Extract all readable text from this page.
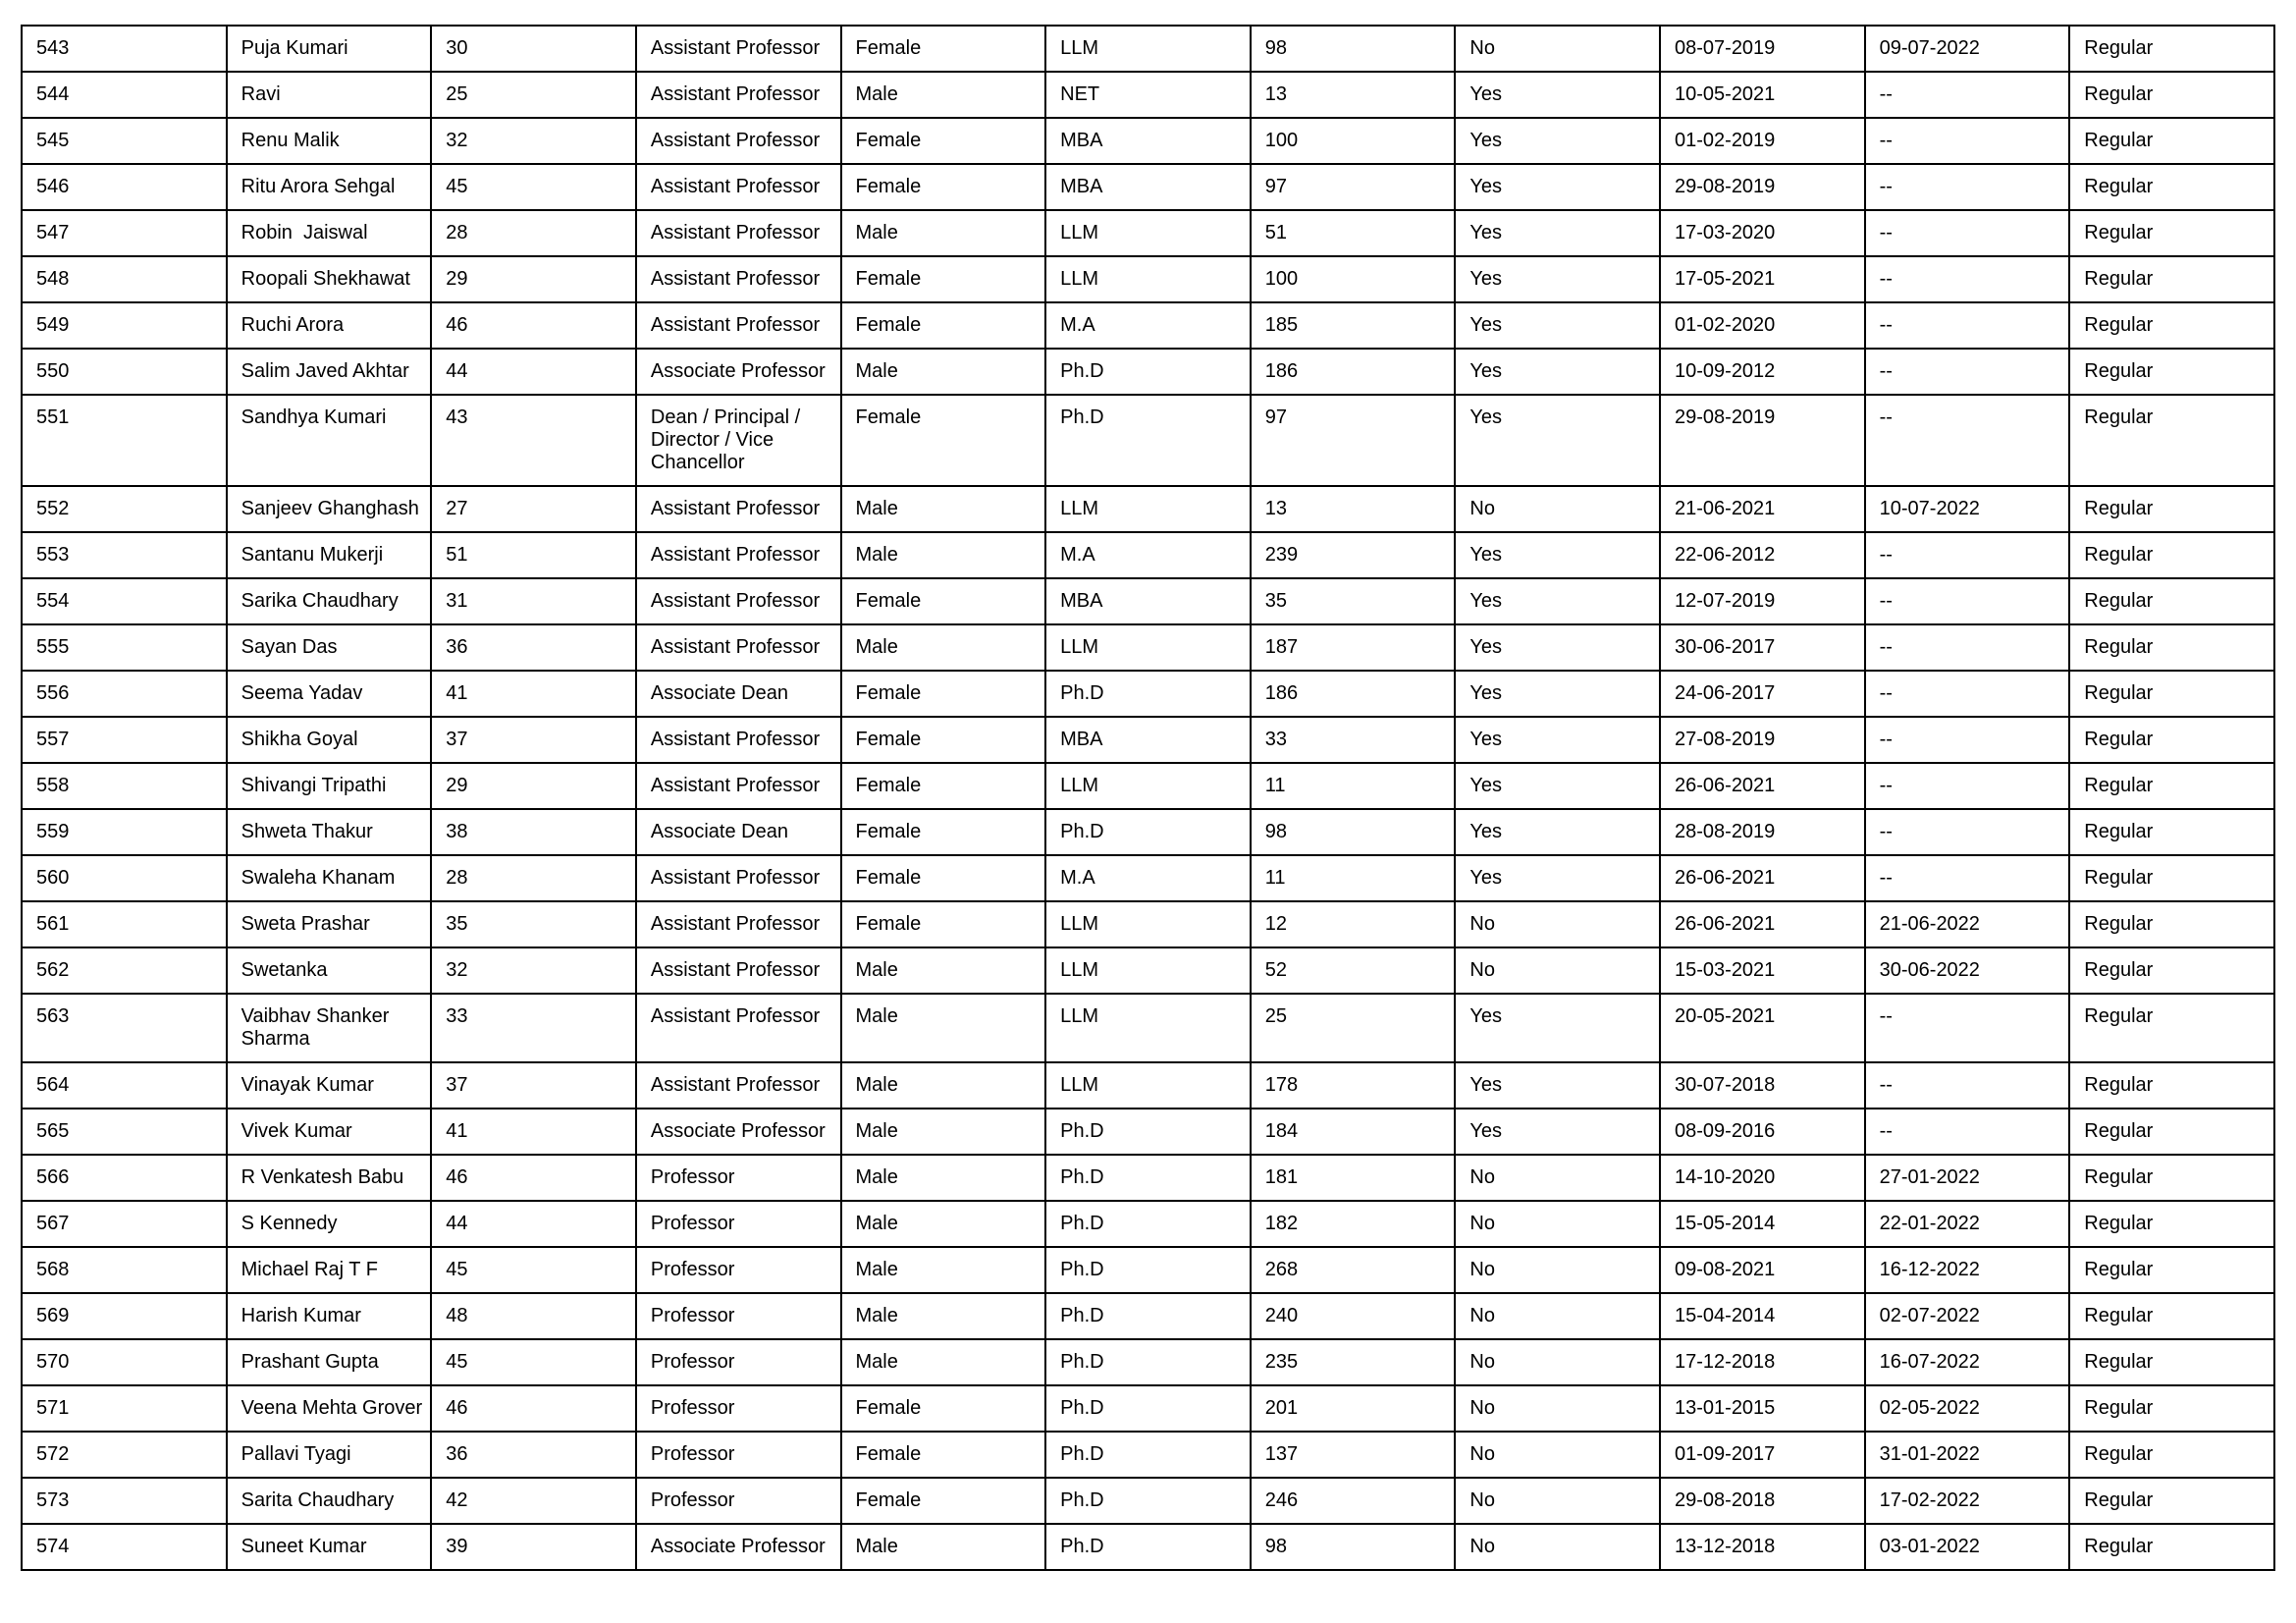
543	Puja Kumari	30	Assistant Professor	Female	LLM	98	No	08-07-2019	09-07-2022	Regular
544	Ravi	25	Assistant Professor	Male	NET	13	Yes	10-05-2021	--	Regular
545	Renu Malik	32	Assistant Professor	Female	MBA	100	Yes	01-02-2019	--	Regular
546	Ritu Arora Sehgal	45	Assistant Professor	Female	MBA	97	Yes	29-08-2019	--	Regular
547	Robin  Jaiswal	28	Assistant Professor	Male	LLM	51	Yes	17-03-2020	--	Regular
548	Roopali Shekhawat	29	Assistant Professor	Female	LLM	100	Yes	17-05-2021	--	Regular
549	Ruchi Arora	46	Assistant Professor	Female	M.A	185	Yes	01-02-2020	--	Regular
550	Salim Javed Akhtar	44	Associate Professor	Male	Ph.D	186	Yes	10-09-2012	--	Regular
551	Sandhya Kumari	43	Dean / Principal / Director / Vice Chancellor	Female	Ph.D	97	Yes	29-08-2019	--	Regular
552	Sanjeev Ghanghash	27	Assistant Professor	Male	LLM	13	No	21-06-2021	10-07-2022	Regular
553	Santanu Mukerji	51	Assistant Professor	Male	M.A	239	Yes	22-06-2012	--	Regular
554	Sarika Chaudhary	31	Assistant Professor	Female	MBA	35	Yes	12-07-2019	--	Regular
555	Sayan Das	36	Assistant Professor	Male	LLM	187	Yes	30-06-2017	--	Regular
556	Seema Yadav	41	Associate Dean	Female	Ph.D	186	Yes	24-06-2017	--	Regular
557	Shikha Goyal	37	Assistant Professor	Female	MBA	33	Yes	27-08-2019	--	Regular
558	Shivangi Tripathi	29	Assistant Professor	Female	LLM	11	Yes	26-06-2021	--	Regular
559	Shweta Thakur	38	Associate Dean	Female	Ph.D	98	Yes	28-08-2019	--	Regular
560	Swaleha Khanam	28	Assistant Professor	Female	M.A	11	Yes	26-06-2021	--	Regular
561	Sweta Prashar	35	Assistant Professor	Female	LLM	12	No	26-06-2021	21-06-2022	Regular
562	Swetanka	32	Assistant Professor	Male	LLM	52	No	15-03-2021	30-06-2022	Regular
563	Vaibhav Shanker Sharma	33	Assistant Professor	Male	LLM	25	Yes	20-05-2021	--	Regular
564	Vinayak Kumar	37	Assistant Professor	Male	LLM	178	Yes	30-07-2018	--	Regular
565	Vivek Kumar	41	Associate Professor	Male	Ph.D	184	Yes	08-09-2016	--	Regular
566	R Venkatesh Babu	46	Professor	Male	Ph.D	181	No	14-10-2020	27-01-2022	Regular
567	S Kennedy	44	Professor	Male	Ph.D	182	No	15-05-2014	22-01-2022	Regular
568	Michael Raj T F	45	Professor	Male	Ph.D	268	No	09-08-2021	16-12-2022	Regular
569	Harish Kumar	48	Professor	Male	Ph.D	240	No	15-04-2014	02-07-2022	Regular
570	Prashant Gupta	45	Professor	Male	Ph.D	235	No	17-12-2018	16-07-2022	Regular
571	Veena Mehta Grover	46	Professor	Female	Ph.D	201	No	13-01-2015	02-05-2022	Regular
572	Pallavi Tyagi	36	Professor	Female	Ph.D	137	No	01-09-2017	31-01-2022	Regular
573	Sarita Chaudhary	42	Professor	Female	Ph.D	246	No	29-08-2018	17-02-2022	Regular
574	Suneet Kumar	39	Associate Professor	Male	Ph.D	98	No	13-12-2018	03-01-2022	Regular
